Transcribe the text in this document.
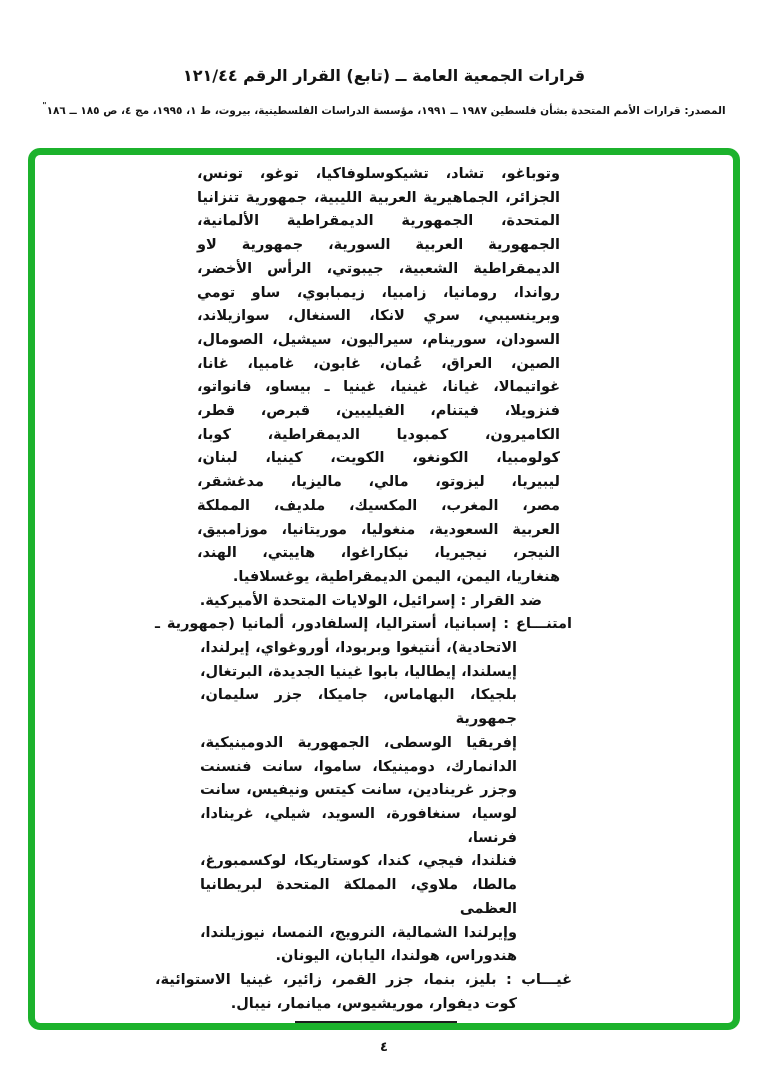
قرارات الجمعية العامة ــ (تابع) القرار الرقم ١٢١/٤٤
المصدر: قرارات الأمم المتحدة بشأن فلسطين ١٩٨٧ ــ ١٩٩١، مؤسسة الدراسات الفلسطينية، بيروت، ط ١، ١٩٩٥، مج ٤، ص ١٨٥ ــ ١٨٦"
وتوباغو، تشاد، تشيكوسلوفاكيا، توغو، تونس،
الجزائر، الجماهيرية العربية الليبية، جمهورية تنزانيا
المتحدة، الجمهورية الديمقراطية الألمانية،
الجمهورية العربية السورية، جمهورية لاو
الديمقراطية الشعبية، جيبوتي، الرأس الأخضر،
رواندا، رومانيا، زامبيا، زيمبابوي، ساو تومي
وبرينسيبي، سري لانكا، السنغال، سوازيلاند،
السودان، سورينام، سيراليون، سيشيل، الصومال،
الصين، العراق، عُمان، غابون، غامبيا، غانا،
غواتيمالا، غيانا، غينيا، غينيا ـ بيساو، فانواتو،
فنزويلا، فيتنام، الفيليبين، قبرص، قطر،
الكاميرون، كمبوديا الديمقراطية، كوبا،
كولومبيا، الكونغو، الكويت، كينيا، لبنان،
ليبيريا، ليزوتو، مالي، ماليزيا، مدغشقر،
مصر، المغرب، المكسيك، ملديف، المملكة
العربية السعودية، منغوليا، موريتانيا، موزامبيق،
النيجر، نيجيريا، نيكاراغوا، هاييتي، الهند،
هنغاريا، اليمن، اليمن الديمقراطية، يوغسلافيا.
ضد القرار : إسرائيل، الولايات المتحدة الأميركية.
امتنـــاع : إسبانيا، أستراليا، إلسلفادور، ألمانيا (جمهورية ـ
الاتحادية)، أنتيغوا وبربودا، أوروغواي، إيرلندا،
إيسلندا، إيطاليا، بابوا غينيا الجديدة، البرتغال،
بلجيكا، البهاماس، جاميكا، جزر سليمان، جمهورية
إفريقيا الوسطى، الجمهورية الدومينيكية،
الدانمارك، دومينيكا، ساموا، سانت فنسنت
وجزر غرينادين، سانت كيتس ونيفيس، سانت
لوسيا، سنغافورة، السويد، شيلي، غرينادا، فرنسا،
فنلندا، فيجي، كندا، كوستاريكا، لوكسمبورغ،
مالطا، ملاوي، المملكة المتحدة لبريطانيا العظمى
وإيرلندا الشمالية، النرويج، النمسا، نيوزيلندا،
هندوراس، هولندا، اليابان، اليونان.
غيـــاب : بليز، بنما، جزر القمر، زائير، غينيا الاستوائية،
كوت ديفوار، موريشيوس، ميانمار، نيبال.
٤
